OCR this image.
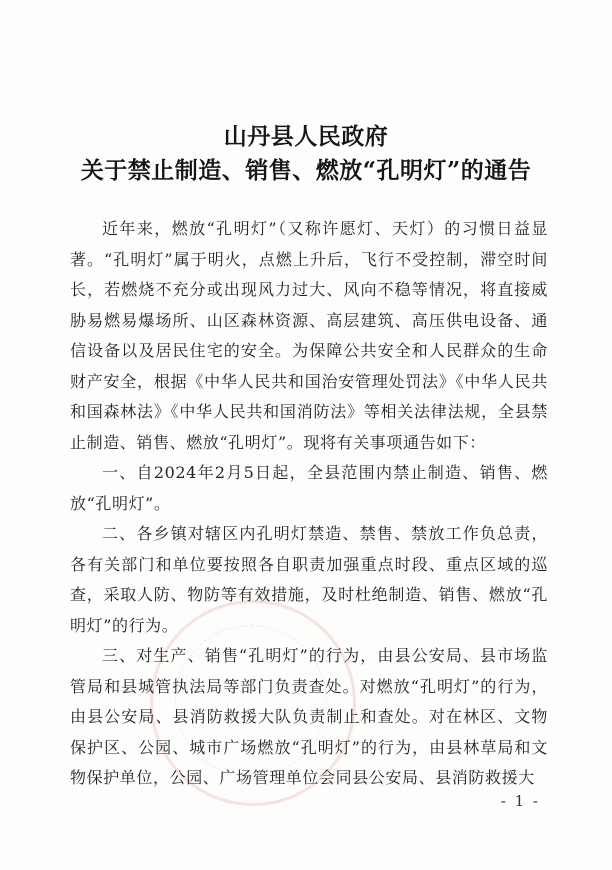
山丹县人民政府
关于禁止制造、销售、燃放“孔明灯”的通告

近年来，燃放“孔明灯”（又称许愿灯、天灯）的习惯日益显著。“孔明灯”属于明火，点燃上升后，飞行不受控制，滞空时间长，若燃烧不充分或出现风力过大、风向不稳等情况，将直接威胁易燃易爆场所、山区森林资源、高层建筑、高压供电设备、通信设备以及居民住宅的安全。为保障公共安全和人民群众的生命财产安全，根据《中华人民共和国治安管理处罚法》《中华人民共和国森林法》《中华人民共和国消防法》等相关法律法规，全县禁止制造、销售、燃放“孔明灯”。现将有关事项通告如下：

一、自2024年2月5日起，全县范围内禁止制造、销售、燃放“孔明灯”。

二、各乡镇对辖区内孔明灯禁造、禁售、禁放工作负总责，各有关部门和单位要按照各自职责加强重点时段、重点区域的巡查，采取人防、物防等有效措施，及时杜绝制造、销售、燃放“孔明灯”的行为。

三、对生产、销售“孔明灯”的行为，由县公安局、县市场监管局和县城管执法局等部门负责查处。对燃放“孔明灯”的行为，由县公安局、县消防救援大队负责制止和查处。对在林区、文物保护区、公园、城市广场燃放“孔明灯”的行为，由县林草局和文物保护单位，公园、广场管理单位会同县公安局、县消防救援大

- 1 -
